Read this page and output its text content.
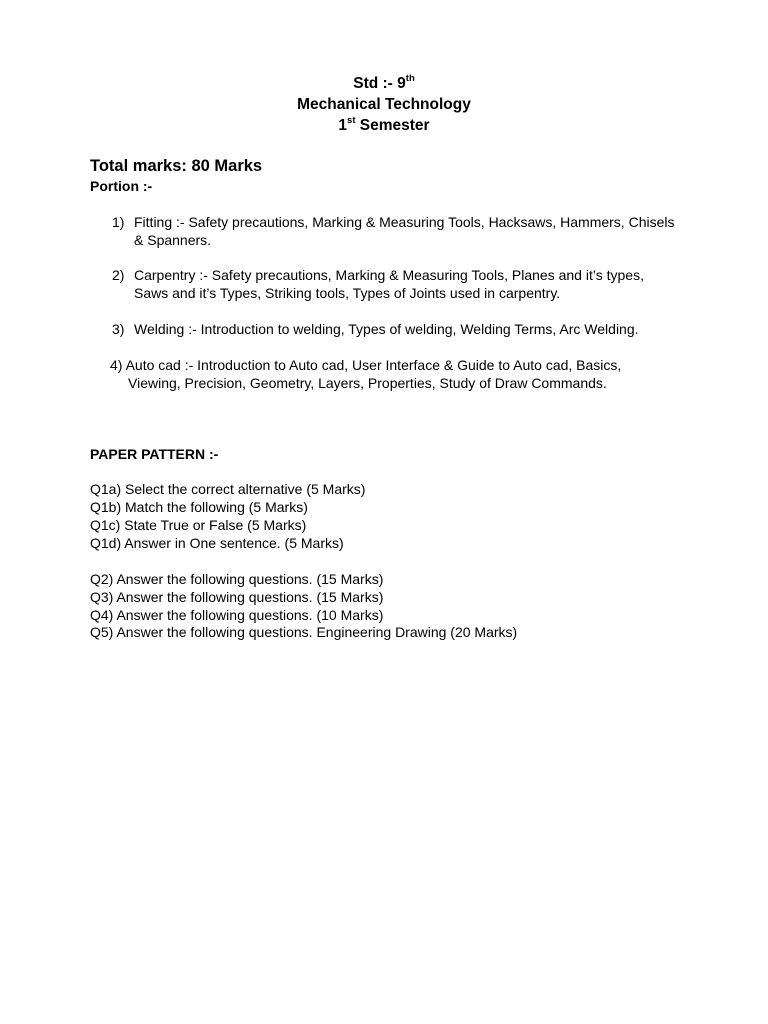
Std :- 9th
Mechanical Technology
1st Semester
Total marks: 80 Marks
Portion :-
1) Fitting :- Safety precautions, Marking & Measuring Tools, Hacksaws, Hammers, Chisels
& Spanners.
2) Carpentry :- Safety precautions, Marking & Measuring Tools, Planes and it’s types,
Saws and it’s Types, Striking tools, Types of Joints used in carpentry.
3) Welding :- Introduction to welding, Types of welding, Welding Terms, Arc Welding.
4) Auto cad :- Introduction to Auto cad, User Interface & Guide to Auto cad, Basics,
Viewing, Precision, Geometry, Layers, Properties, Study of Draw Commands.
PAPER PATTERN :-
Q1a) Select the correct alternative (5 Marks)
Q1b) Match the following (5 Marks)
Q1c) State True or False (5 Marks)
Q1d) Answer in One sentence. (5 Marks)
Q2) Answer the following questions. (15 Marks)
Q3) Answer the following questions. (15 Marks)
Q4) Answer the following questions. (10 Marks)
Q5) Answer the following questions. Engineering Drawing (20 Marks)
